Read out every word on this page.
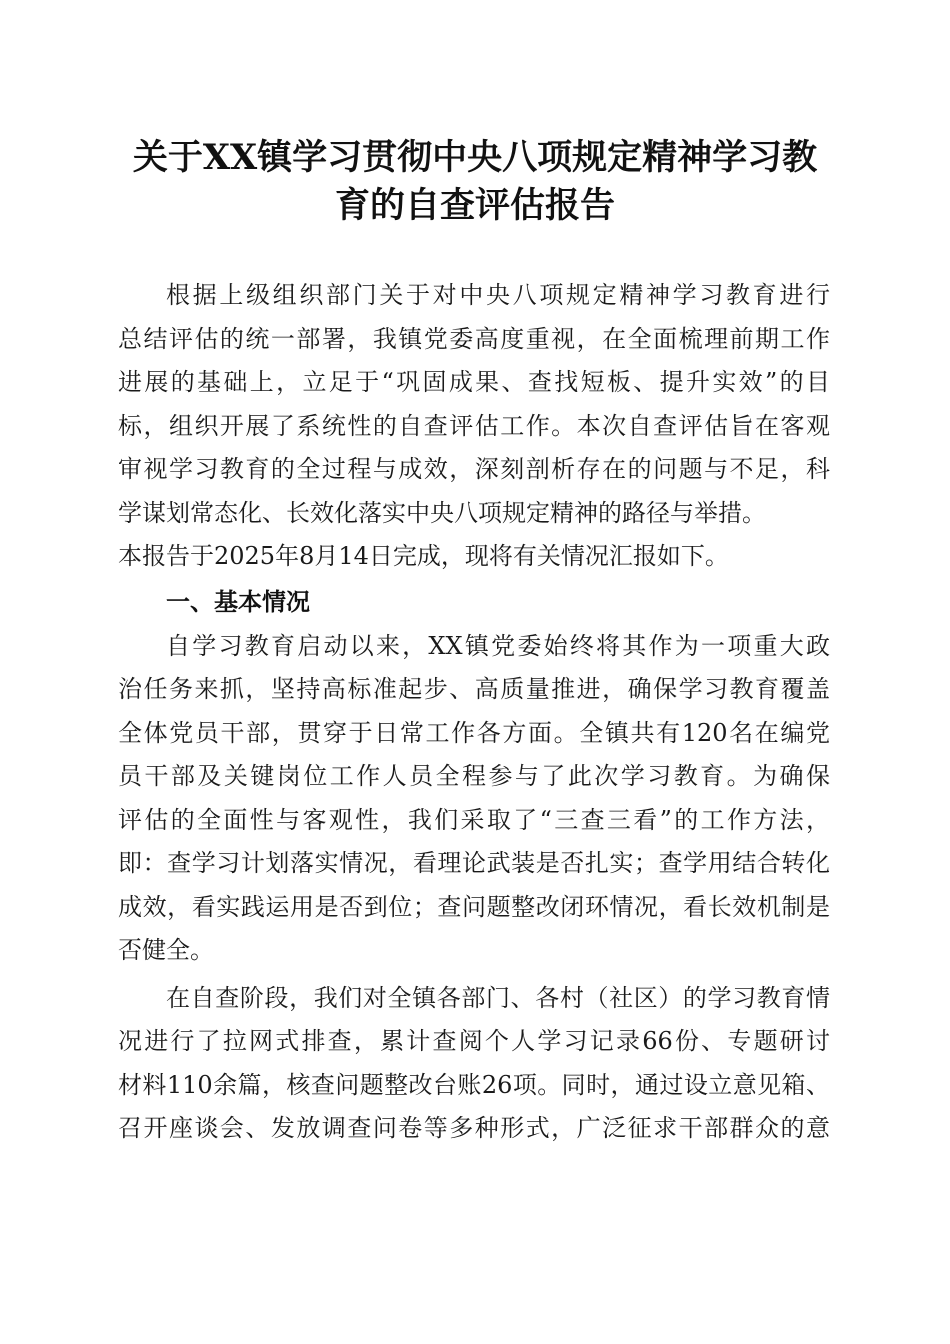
关于XX镇学习贯彻中央八项规定精神学习教
育的自查评估报告

根据上级组织部门关于对中央八项规定精神学习教育进行
总结评估的统一部署，我镇党委高度重视，在全面梳理前期工作
进展的基础上，立足于“巩固成果、查找短板、提升实效”的目
标，组织开展了系统性的自查评估工作。本次自查评估旨在客观
审视学习教育的全过程与成效，深刻剖析存在的问题与不足，科
学谋划常态化、长效化落实中央八项规定精神的路径与举措。
本报告于2025年8月14日完成，现将有关情况汇报如下。

一、基本情况

自学习教育启动以来，XX镇党委始终将其作为一项重大政
治任务来抓，坚持高标准起步、高质量推进，确保学习教育覆盖
全体党员干部，贯穿于日常工作各方面。全镇共有120名在编党
员干部及关键岗位工作人员全程参与了此次学习教育。为确保
评估的全面性与客观性，我们采取了“三查三看”的工作方法，
即：查学习计划落实情况，看理论武装是否扎实；查学用结合转化
成效，看实践运用是否到位；查问题整改闭环情况，看长效机制是
否健全。

在自查阶段，我们对全镇各部门、各村（社区）的学习教育情
况进行了拉网式排查，累计查阅个人学习记录66份、专题研讨
材料110余篇，核查问题整改台账26项。同时，通过设立意见箱、
召开座谈会、发放调查问卷等多种形式，广泛征求干部群众的意
